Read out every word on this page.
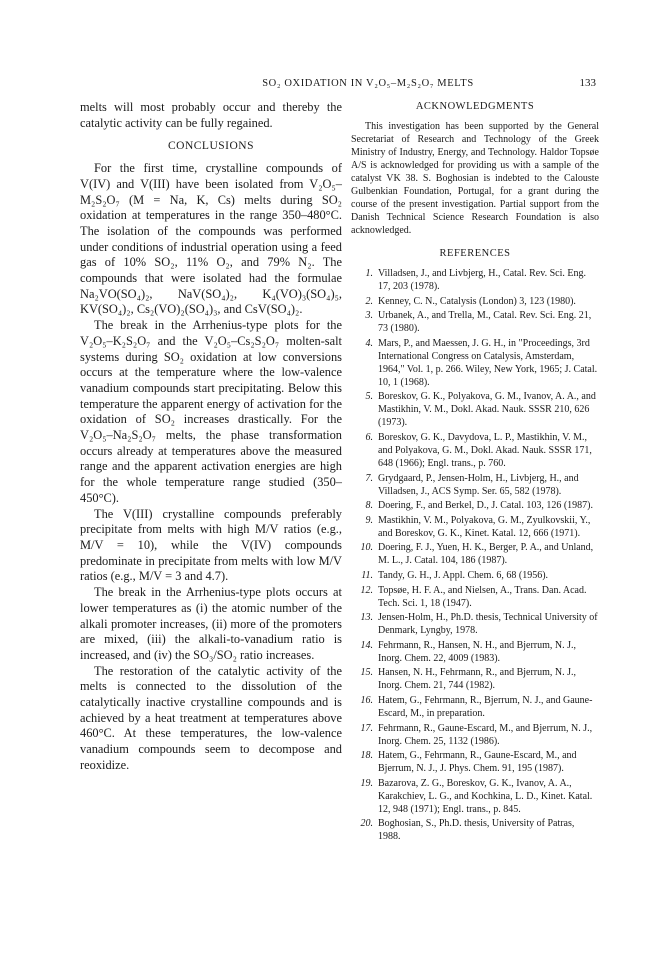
SO₂ OXIDATION IN V₂O₅–M₂S₂O₇ MELTS	133

melts will most probably occur and thereby the catalytic activity can be fully regained.

CONCLUSIONS

For the first time, crystalline compounds of V(IV) and V(III) have been isolated from V₂O₅–M₂S₂O₇ (M = Na, K, Cs) melts during SO₂ oxidation at temperatures in the range 350–480°C. The isolation of the compounds was performed under conditions of industrial operation using a feed gas of 10% SO₂, 11% O₂, and 79% N₂. The compounds that were isolated had the formulae Na₂VO(SO₄)₂, NaV(SO₄)₂, K₄(VO)₃(SO₄)₅, KV(SO₄)₂, Cs₂(VO)₂(SO₄)₃, and CsV(SO₄)₂.

The break in the Arrhenius-type plots for the V₂O₅–K₂S₂O₇ and the V₂O₅–Cs₂S₂O₇ molten-salt systems during SO₂ oxidation at low conversions occurs at the temperature where the low-valence vanadium compounds start precipitating. Below this temperature the apparent energy of activation for the oxidation of SO₂ increases drastically. For the V₂O₅–Na₂S₂O₇ melts, the phase transformation occurs already at temperatures above the measured range and the apparent activation energies are high for the whole temperature range studied (350–450°C).

The V(III) crystalline compounds preferably precipitate from melts with high M/V ratios (e.g., M/V = 10), while the V(IV) compounds predominate in precipitate from melts with low M/V ratios (e.g., M/V = 3 and 4.7).

The break in the Arrhenius-type plots occurs at lower temperatures as (i) the atomic number of the alkali promoter increases, (ii) more of the promoters are mixed, (iii) the alkali-to-vanadium ratio is increased, and (iv) the SO₃/SO₂ ratio increases.

The restoration of the catalytic activity of the melts is connected to the dissolution of the catalytically inactive crystalline compounds and is achieved by a heat treatment at temperatures above 460°C. At these temperatures, the low-valence vanadium compounds seem to decompose and reoxidize.

ACKNOWLEDGMENTS

This investigation has been supported by the General Secretariat of Research and Technology of the Greek Ministry of Industry, Energy, and Technology. Haldor Topsøe A/S is acknowledged for providing us with a sample of the catalyst VK 38. S. Boghosian is indebted to the Calouste Gulbenkian Foundation, Portugal, for a grant during the course of the present investigation. Partial support from the Danish Technical Science Research Foundation is also acknowledged.

REFERENCES
1. Villadsen, J., and Livbjerg, H., Catal. Rev. Sci. Eng. 17, 203 (1978).
2. Kenney, C. N., Catalysis (London) 3, 123 (1980).
3. Urbanek, A., and Trella, M., Catal. Rev. Sci. Eng. 21, 73 (1980).
4. Mars, P., and Maessen, J. G. H., in "Proceedings, 3rd International Congress on Catalysis, Amsterdam, 1964," Vol. 1, p. 266. Wiley, New York, 1965; J. Catal. 10, 1 (1968).
5. Boreskov, G. K., Polyakova, G. M., Ivanov, A. A., and Mastikhin, V. M., Dokl. Akad. Nauk. SSSR 210, 626 (1973).
6. Boreskov, G. K., Davydova, L. P., Mastikhin, V. M., and Polyakova, G. M., Dokl. Akad. Nauk. SSSR 171, 648 (1966); Engl. trans., p. 760.
7. Grydgaard, P., Jensen-Holm, H., Livbjerg, H., and Villadsen, J., ACS Symp. Ser. 65, 582 (1978).
8. Doering, F., and Berkel, D., J. Catal. 103, 126 (1987).
9. Mastikhin, V. M., Polyakova, G. M., Zyulkovskii, Y., and Boreskov, G. K., Kinet. Katal. 12, 666 (1971).
10. Doering, F. J., Yuen, H. K., Berger, P. A., and Unland, M. L., J. Catal. 104, 186 (1987).
11. Tandy, G. H., J. Appl. Chem. 6, 68 (1956).
12. Topsøe, H. F. A., and Nielsen, A., Trans. Dan. Acad. Tech. Sci. 1, 18 (1947).
13. Jensen-Holm, H., Ph.D. thesis, Technical University of Denmark, Lyngby, 1978.
14. Fehrmann, R., Hansen, N. H., and Bjerrum, N. J., Inorg. Chem. 22, 4009 (1983).
15. Hansen, N. H., Fehrmann, R., and Bjerrum, N. J., Inorg. Chem. 21, 744 (1982).
16. Hatem, G., Fehrmann, R., Bjerrum, N. J., and Gaune-Escard, M., in preparation.
17. Fehrmann, R., Gaune-Escard, M., and Bjerrum, N. J., Inorg. Chem. 25, 1132 (1986).
18. Hatem, G., Fehrmann, R., Gaune-Escard, M., and Bjerrum, N. J., J. Phys. Chem. 91, 195 (1987).
19. Bazarova, Z. G., Boreskov, G. K., Ivanov, A. A., Karakchiev, L. G., and Kochkina, L. D., Kinet. Katal. 12, 948 (1971); Engl. trans., p. 845.
20. Boghosian, S., Ph.D. thesis, University of Patras, 1988.
